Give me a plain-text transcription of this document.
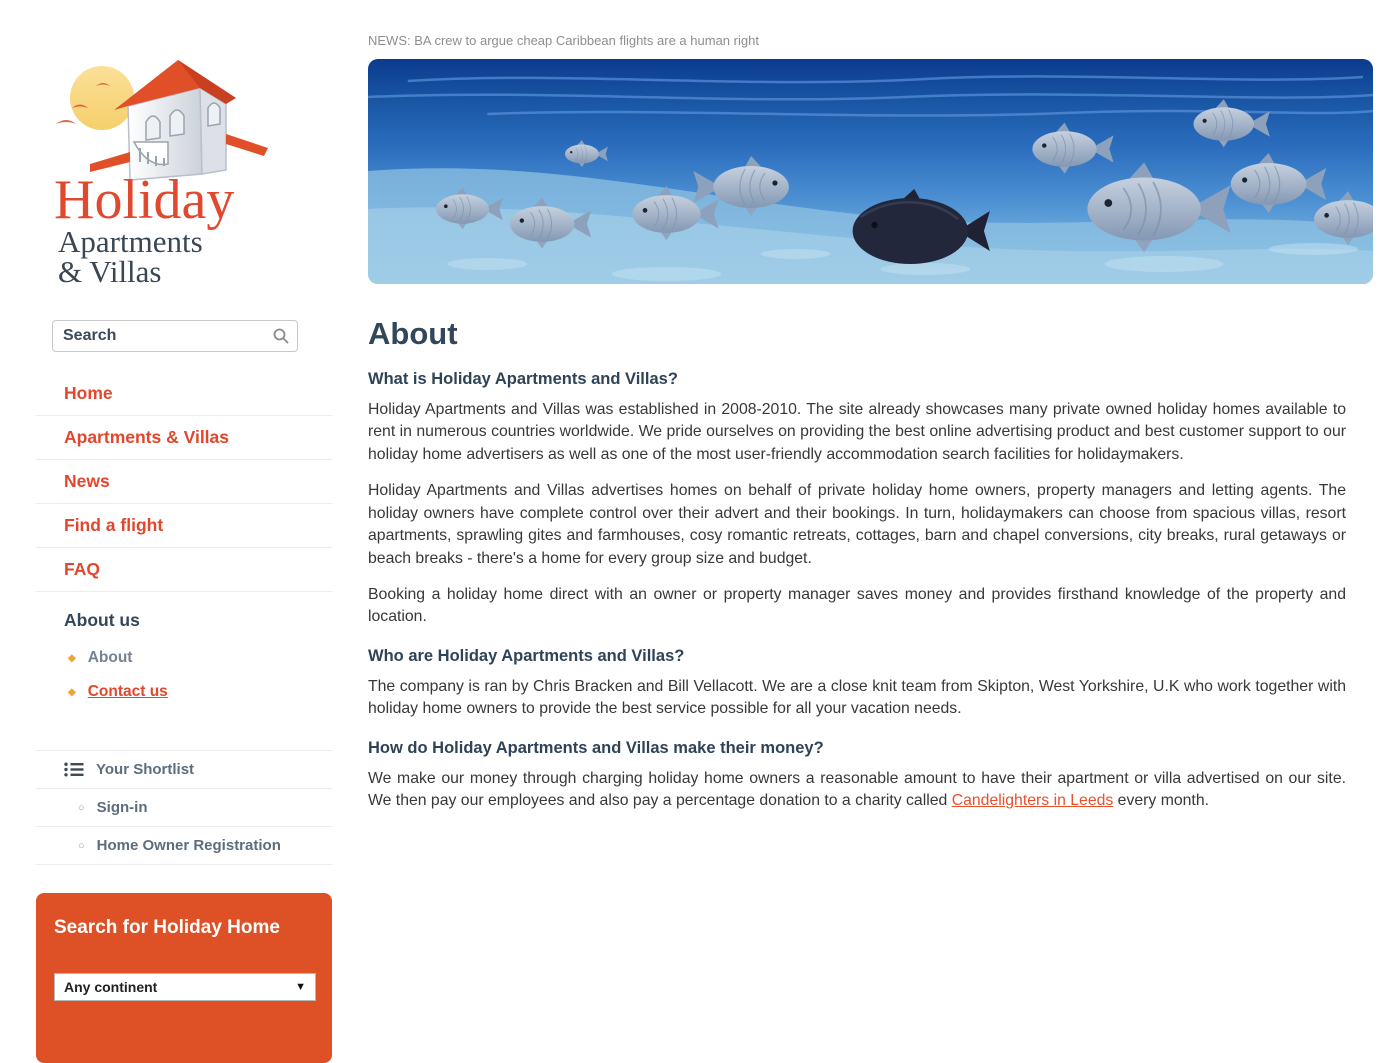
Holiday
Apartments
& Villas
Search
Home
Apartments & Villas
News
Find a flight
FAQ
About us
◆ About
◆ Contact us
Your Shortlist
○ Sign-in
○ Home Owner Registration
Search for Holiday Home
Any continent	▼
NEWS: BA crew to argue cheap Caribbean flights are a human right
About
What is Holiday Apartments and Villas?

Holiday Apartments and Villas was established in 2008-2010. The site already showcases many private owned holiday homes available to rent in numerous countries worldwide. We pride ourselves on providing the best online advertising product and best customer support to our holiday home advertisers as well as one of the most user-friendly accommodation search facilities for holidaymakers.

Holiday Apartments and Villas advertises homes on behalf of private holiday home owners, property managers and letting agents. The holiday owners have complete control over their advert and their bookings. In turn, holidaymakers can choose from spacious villas, resort apartments, sprawling gites and farmhouses, cosy romantic retreats, cottages, barn and chapel conversions, city breaks, rural getaways or beach breaks - there's a home for every group size and budget.

Booking a holiday home direct with an owner or property manager saves money and provides firsthand knowledge of the property and location.

Who are Holiday Apartments and Villas?

The company is ran by Chris Bracken and Bill Vellacott. We are a close knit team from Skipton, West Yorkshire, U.K who work together with holiday home owners to provide the best service possible for all your vacation needs.

How do Holiday Apartments and Villas make their money?

We make our money through charging holiday home owners a reasonable amount to have their apartment or villa advertised on our site. We then pay our employees and also pay a percentage donation to a charity called Candelighters in Leeds every month.
